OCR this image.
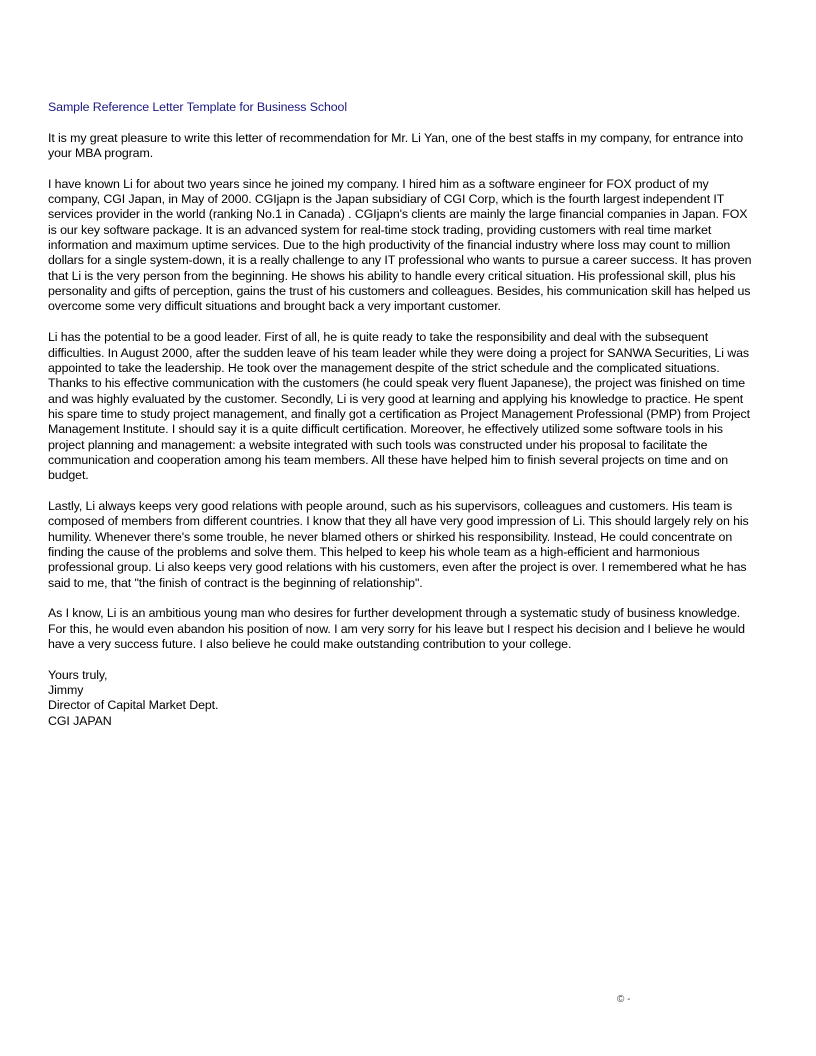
Sample Reference Letter Template for Business School

It is my great pleasure to write this letter of recommendation for Mr. Li Yan, one of the best staffs in my company, for entrance into your MBA program.

I have known Li for about two years since he joined my company. I hired him as a software engineer for FOX product of my company, CGI Japan, in May of 2000. CGIjapn is the Japan subsidiary of CGI Corp, which is the fourth largest independent IT services provider in the world (ranking No.1 in Canada) . CGIjapn's clients are mainly the large financial companies in Japan. FOX is our key software package. It is an advanced system for real-time stock trading, providing customers with real time market information and maximum uptime services. Due to the high productivity of the financial industry where loss may count to million dollars for a single system-down, it is a really challenge to any IT professional who wants to pursue a career success. It has proven that Li is the very person from the beginning. He shows his ability to handle every critical situation. His professional skill, plus his personality and gifts of perception, gains the trust of his customers and colleagues. Besides, his communication skill has helped us overcome some very difficult situations and brought back a very important customer.

Li has the potential to be a good leader. First of all, he is quite ready to take the responsibility and deal with the subsequent difficulties. In August 2000, after the sudden leave of his team leader while they were doing a project for SANWA Securities, Li was appointed to take the leadership. He took over the management despite of the strict schedule and the complicated situations. Thanks to his effective communication with the customers (he could speak very fluent Japanese), the project was finished on time and was highly evaluated by the customer. Secondly, Li is very good at learning and applying his knowledge to practice. He spent his spare time to study project management, and finally got a certification as Project Management Professional (PMP) from Project Management Institute. I should say it is a quite difficult certification. Moreover, he effectively utilized some software tools in his project planning and management: a website integrated with such tools was constructed under his proposal to facilitate the communication and cooperation among his team members. All these have helped him to finish several projects on time and on budget.

Lastly, Li always keeps very good relations with people around, such as his supervisors, colleagues and customers. His team is composed of members from different countries. I know that they all have very good impression of Li. This should largely rely on his humility. Whenever there's some trouble, he never blamed others or shirked his responsibility. Instead, He could concentrate on finding the cause of the problems and solve them. This helped to keep his whole team as a high-efficient and harmonious professional group. Li also keeps very good relations with his customers, even after the project is over. I remembered what he has said to me, that "the finish of contract is the beginning of relationship".

As I know, Li is an ambitious young man who desires for further development through a systematic study of business knowledge. For this, he would even abandon his position of now. I am very sorry for his leave but I respect his decision and I believe he would have a very success future. I also believe he could make outstanding contribution to your college.

Yours truly,
Jimmy
Director of Capital Market Dept.
CGI JAPAN
© -
